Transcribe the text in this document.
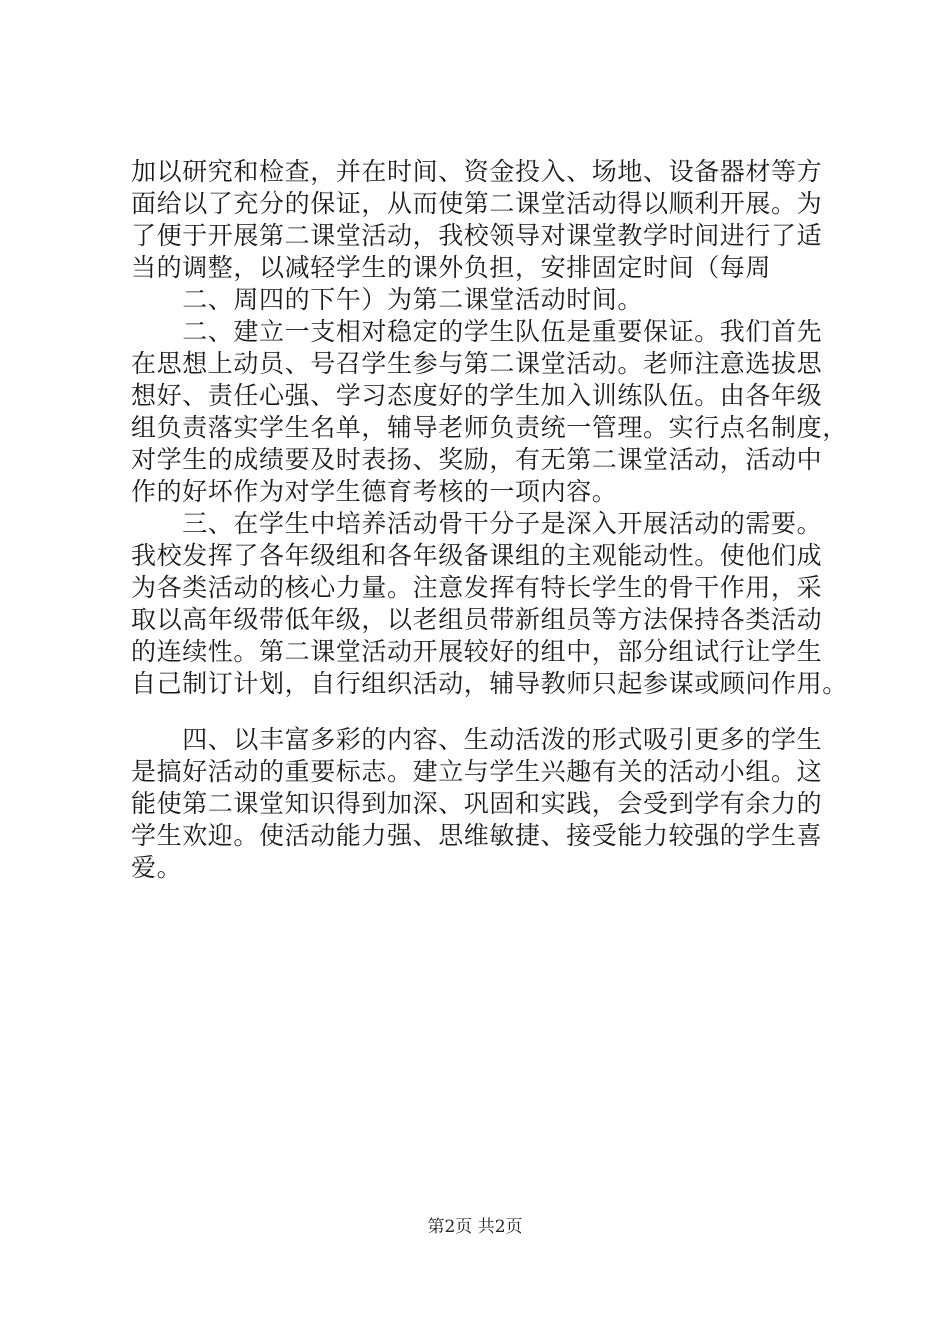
加以研究和检查，并在时间、资金投入、场地、设备器材等方
面给以了充分的保证，从而使第二课堂活动得以顺利开展。为
了便于开展第二课堂活动，我校领导对课堂教学时间进行了适
当的调整，以减轻学生的课外负担，安排固定时间（每周
　　二、周四的下午）为第二课堂活动时间。
　　二、建立一支相对稳定的学生队伍是重要保证。我们首先
在思想上动员、号召学生参与第二课堂活动。老师注意选拔思
想好、责任心强、学习态度好的学生加入训练队伍。由各年级
组负责落实学生名单，辅导老师负责统一管理。实行点名制度，
对学生的成绩要及时表扬、奖励，有无第二课堂活动，活动中
作的好坏作为对学生德育考核的一项内容。
　　三、在学生中培养活动骨干分子是深入开展活动的需要。
我校发挥了各年级组和各年级备课组的主观能动性。使他们成
为各类活动的核心力量。注意发挥有特长学生的骨干作用，采
取以高年级带低年级，以老组员带新组员等方法保持各类活动
的连续性。第二课堂活动开展较好的组中，部分组试行让学生
自己制订计划，自行组织活动，辅导教师只起参谋或顾问作用。
　　四、以丰富多彩的内容、生动活泼的形式吸引更多的学生
是搞好活动的重要标志。建立与学生兴趣有关的活动小组。这
能使第二课堂知识得到加深、巩固和实践，会受到学有余力的
学生欢迎。使活动能力强、思维敏捷、接受能力较强的学生喜
爱。
第2页 共2页
